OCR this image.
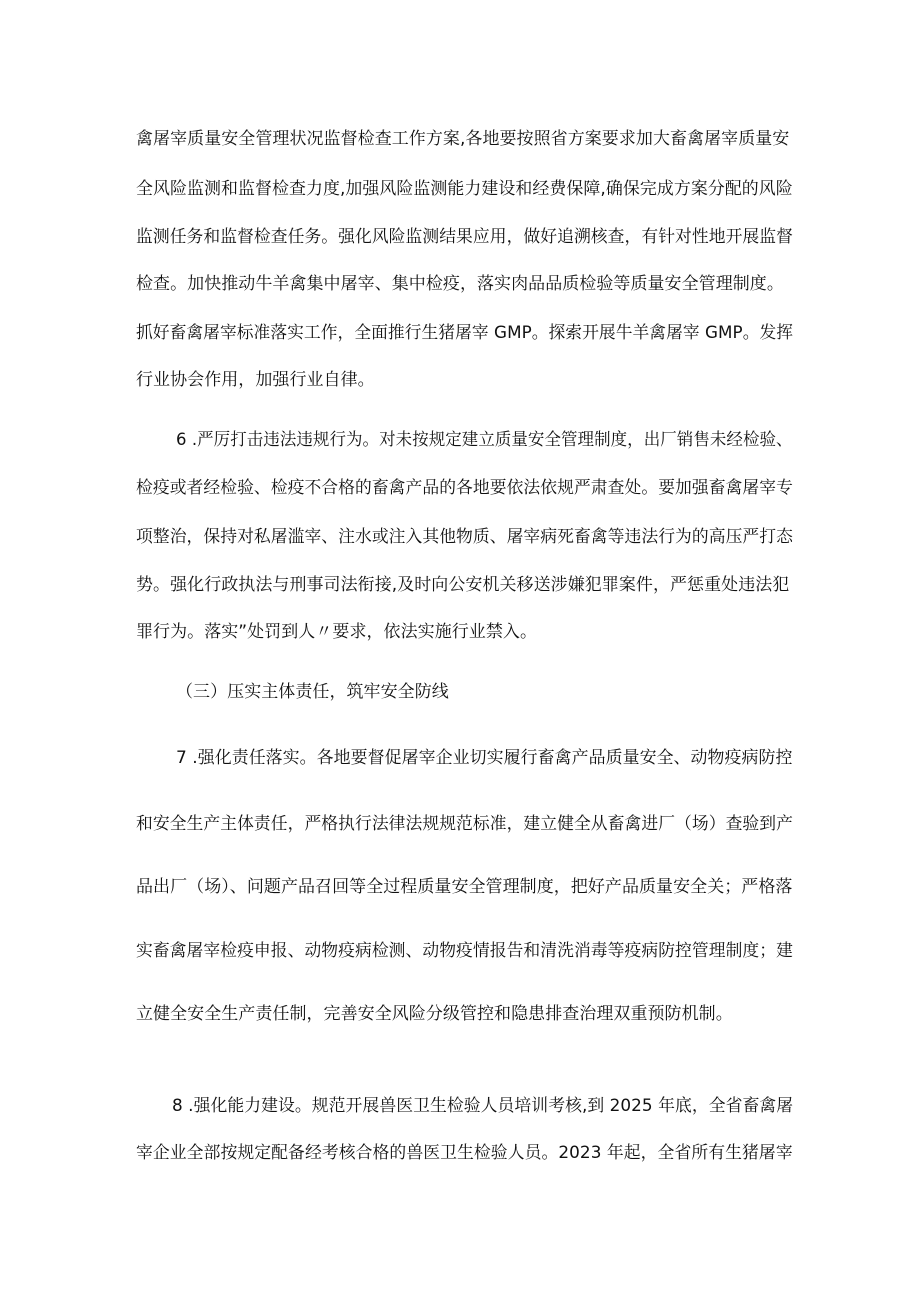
禽屠宰质量安全管理状况监督检查工作方案,各地要按照省方案要求加大畜禽屠宰质量安
全风险监测和监督检查力度,加强风险监测能力建设和经费保障,确保完成方案分配的风险
监测任务和监督检查任务。强化风险监测结果应用，做好追溯核查，有针对性地开展监督
检查。加快推动牛羊禽集中屠宰、集中检疫，落实肉品品质检验等质量安全管理制度。
抓好畜禽屠宰标准落实工作，全面推行生猪屠宰 GMP。探索开展牛羊禽屠宰 GMP。发挥
行业协会作用，加强行业自律。
6 .严厉打击违法违规行为。对未按规定建立质量安全管理制度，出厂销售未经检验、
检疫或者经检验、检疫不合格的畜禽产品的各地要依法依规严肃查处。要加强畜禽屠宰专
项整治，保持对私屠滥宰、注水或注入其他物质、屠宰病死畜禽等违法行为的高压严打态
势。强化行政执法与刑事司法衔接,及时向公安机关移送涉嫌犯罪案件，严惩重处违法犯
罪行为。落实”处罚到人〃要求，依法实施行业禁入。
（三）压实主体责任，筑牢安全防线
7 .强化责任落实。各地要督促屠宰企业切实履行畜禽产品质量安全、动物疫病防控
和安全生产主体责任，严格执行法律法规规范标准，建立健全从畜禽进厂（场）查验到产
品出厂（场）、问题产品召回等全过程质量安全管理制度，把好产品质量安全关；严格落
实畜禽屠宰检疫申报、动物疫病检测、动物疫情报告和清洗消毒等疫病防控管理制度；建
立健全安全生产责任制，完善安全风险分级管控和隐患排查治理双重预防机制。
8 .强化能力建设。规范开展兽医卫生检验人员培训考核,到 2025 年底，全省畜禽屠
宰企业全部按规定配备经考核合格的兽医卫生检验人员。2023 年起，全省所有生猪屠宰
